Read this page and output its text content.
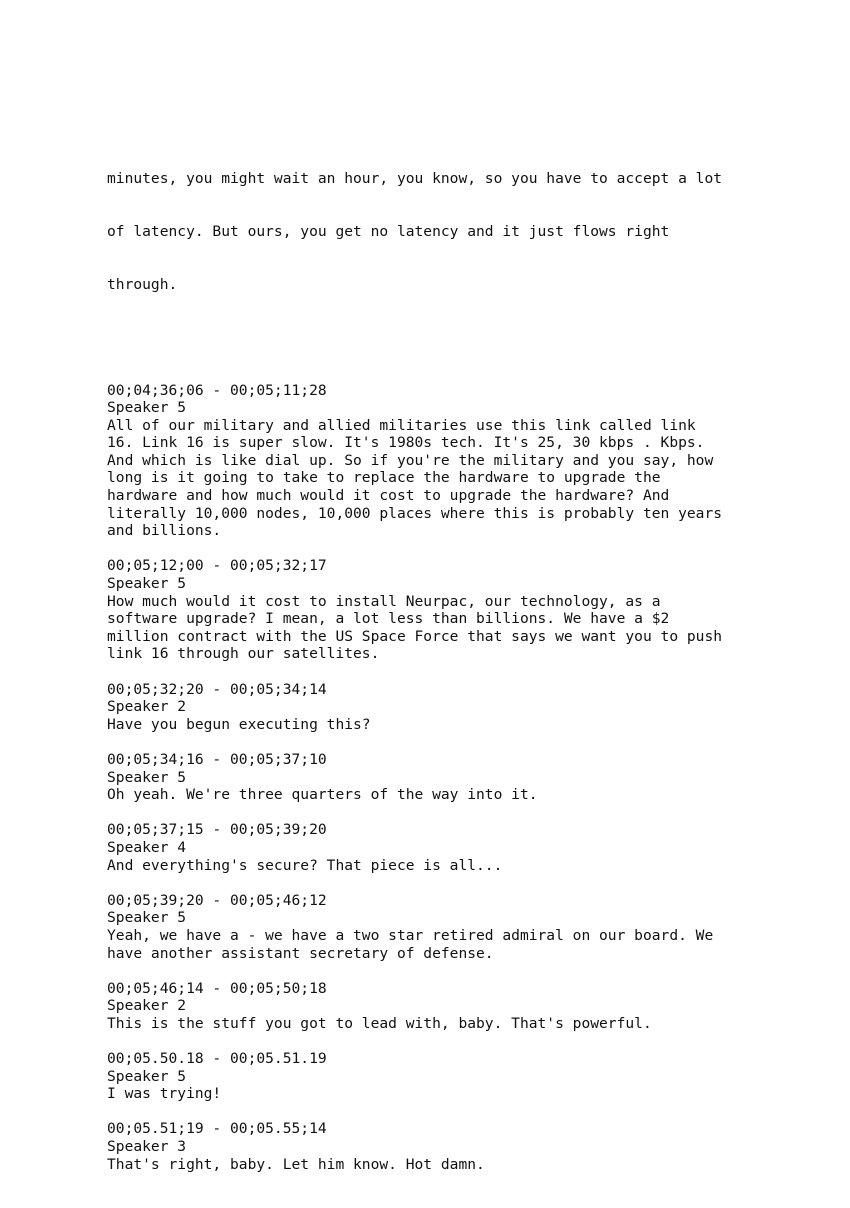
minutes, you might wait an hour, you know, so you have to accept a lot

of latency. But ours, you get no latency and it just flows right

through.

00;04;36;06 - 00;05;11;28
Speaker 5
All of our military and allied militaries use this link called link
16. Link 16 is super slow. It's 1980s tech. It's 25, 30 kbps . Kbps.
And which is like dial up. So if you're the military and you say, how
long is it going to take to replace the hardware to upgrade the
hardware and how much would it cost to upgrade the hardware? And
literally 10,000 nodes, 10,000 places where this is probably ten years
and billions.
00;05;12;00 - 00;05;32;17
Speaker 5
How much would it cost to install Neurpac, our technology, as a
software upgrade? I mean, a lot less than billions. We have a $2
million contract with the US Space Force that says we want you to push
link 16 through our satellites.
00;05;32;20 - 00;05;34;14
Speaker 2
Have you begun executing this?
00;05;34;16 - 00;05;37;10
Speaker 5
Oh yeah. We're three quarters of the way into it.
00;05;37;15 - 00;05;39;20
Speaker 4
And everything's secure? That piece is all...
00;05;39;20 - 00;05;46;12
Speaker 5
Yeah, we have a - we have a two star retired admiral on our board. We
have another assistant secretary of defense.
00;05;46;14 - 00;05;50;18
Speaker 2
This is the stuff you got to lead with, baby. That's powerful.
00;05.50.18 - 00;05.51.19
Speaker 5
I was trying!
00;05.51;19 - 00;05.55;14
Speaker 3
That's right, baby. Let him know. Hot damn.
